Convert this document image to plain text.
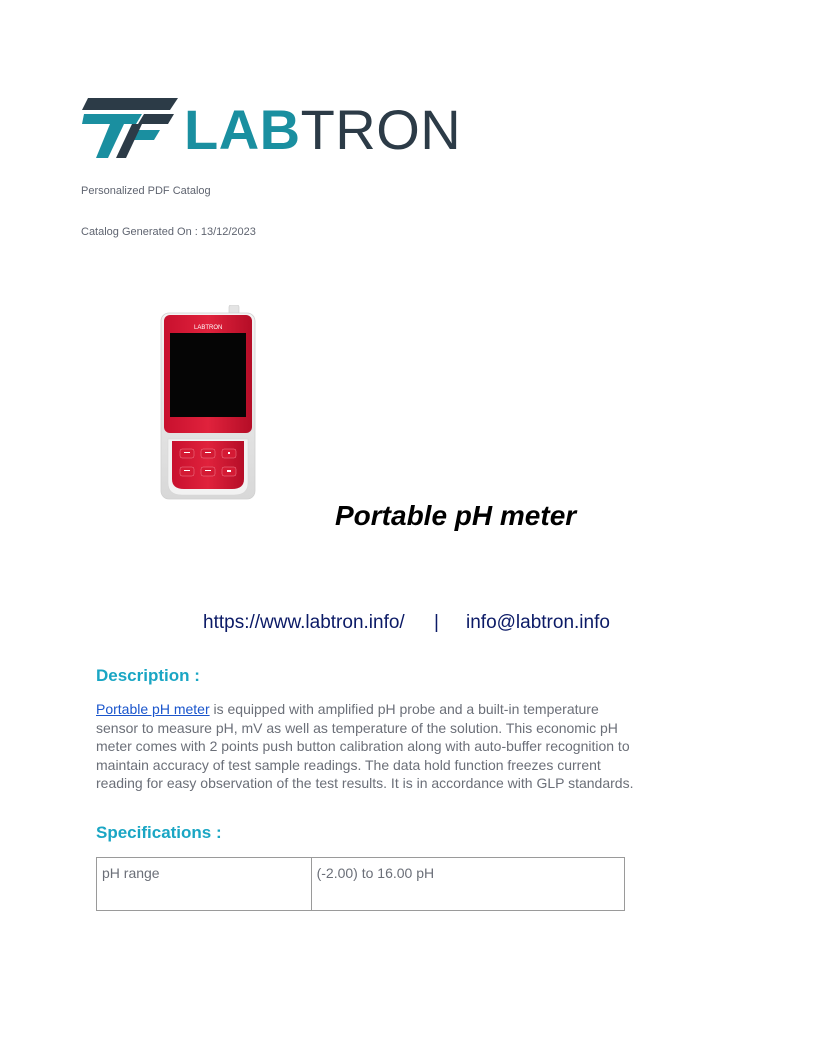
LABTRON
Personalized PDF Catalog
Catalog Generated On : 13/12/2023
LABTRON
Portable pH meter
https://www.labtron.info/ | info@labtron.info
Description :
Portable pH meter is equipped with amplified pH probe and a built-in temperature sensor to measure pH, mV as well as temperature of the solution. This economic pH meter comes with 2 points push button calibration along with auto-buffer recognition to maintain accuracy of test sample readings. The data hold function freezes current reading for easy observation of the test results. It is in accordance with GLP standards.
Specifications :
pH range	(-2.00) to 16.00 pH
